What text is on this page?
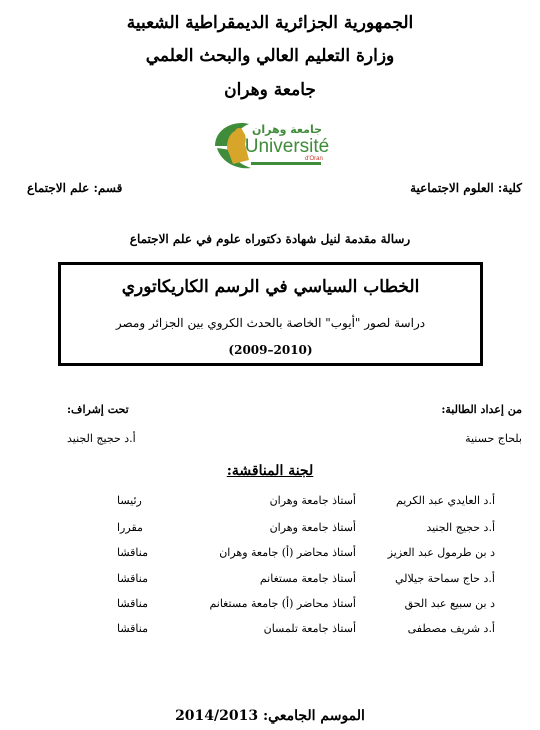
الجمهورية الجزائرية الديمقراطية الشعبية
وزارة التعليم العالي والبحث العلمي
جامعة وهران
جامعة وهران
Université
d'Oran
كلية: العلوم الاجتماعية
قسم: علم الاجتماع
رسالة مقدمة لنيل شهادة دكتوراه علوم في علم الاجتماع
الخطاب السياسي في الرسم الكاريكاتوري
دراسة لصور "أيوب" الخاصة بالحدث الكروي بين الجزائر ومصر
(2009–2010)
من إعداد الطالبة:
تحت إشراف:
بلحاج حسنية
أ.د حجيج الجنيد
لجنة المناقشة:
أ.د العايدي عبد الكريم
أستاذ جامعة وهران
رئيسا
أ.د حجيج الجنيد
أستاذ جامعة وهران
مقررا
د بن طرمول عبد العزيز
أستاذ محاضر (أ) جامعة وهران
مناقشا
أ.د حاج سماحة جيلالي
أستاذ جامعة مستغانم
مناقشا
د بن سبيع عبد الحق
أستاذ محاضر (أ) جامعة مستغانم
مناقشا
أ.د شريف مصطفى
أستاذ جامعة تلمسان
مناقشا
الموسم الجامعي: 2014/2013
